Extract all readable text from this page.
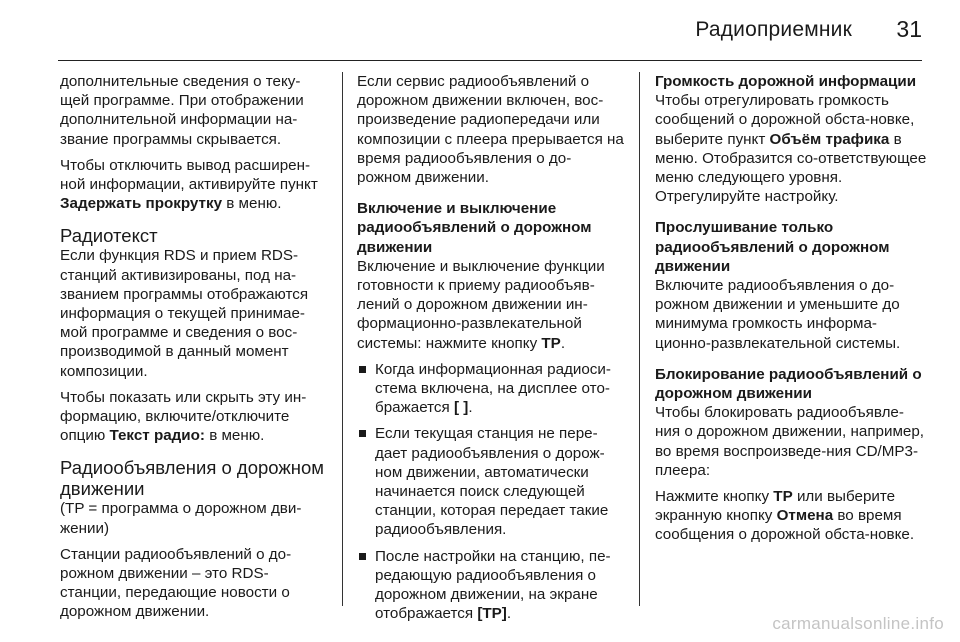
Радиоприемник 31

дополнительные сведения о теку-щей программе. При отображении дополнительной информации на-звание программы скрывается.

Чтобы отключить вывод расширен-ной информации, активируйте пункт Задержать прокрутку в меню.

Радиотекст

Если функция RDS и прием RDS-станций активизированы, под на-званием программы отображаются информация о текущей принимае-мой программе и сведения о вос-производимой в данный момент композиции.

Чтобы показать или скрыть эту ин-формацию, включите/отключите опцию Текст радио: в меню.

Радиообъявления о дорожном движении

(TP = программа о дорожном дви-жении)

Станции радиообъявлений о до-рожном движении – это RDS-станции, передающие новости о дорожном движении.

Если сервис радиообъявлений о дорожном движении включен, вос-произведение радиопередачи или композиции с плеера прерывается на время радиообъявления о до-рожном движении.

Включение и выключение радиообъявлений о дорожном движении

Включение и выключение функции готовности к приему радиообъяв-лений о дорожном движении ин-формационно-развлекательной системы: нажмите кнопку TP.

Когда информационная радиоси-стема включена, на дисплее ото-бражается [ ].
Если текущая станция не пере-дает радиообъявления о дорож-ном движении, автоматически начинается поиск следующей станции, которая передает такие радиообъявления.
После настройки на станцию, пе-редающую радиообъявления о дорожном движении, на экране отображается [TP].
Громкость дорожной информации

Чтобы отрегулировать громкость сообщений о дорожной обста-новке, выберите пункт Объём трафика в меню. Отобразится со-ответствующее меню следующего уровня. Отрегулируйте настройку.

Прослушивание только радиообъявлений о дорожном движении

Включите радиообъявления о до-рожном движении и уменьшите до минимума громкость информа-ционно-развлекательной системы.

Блокирование радиообъявлений о дорожном движении

Чтобы блокировать радиообъявле-ния о дорожном движении, например, во время воспроизведе-ния CD/MP3-плеера:

Нажмите кнопку TP или выберите экранную кнопку Отмена во время сообщения о дорожной обста-новке.

carmanualsonline.info
